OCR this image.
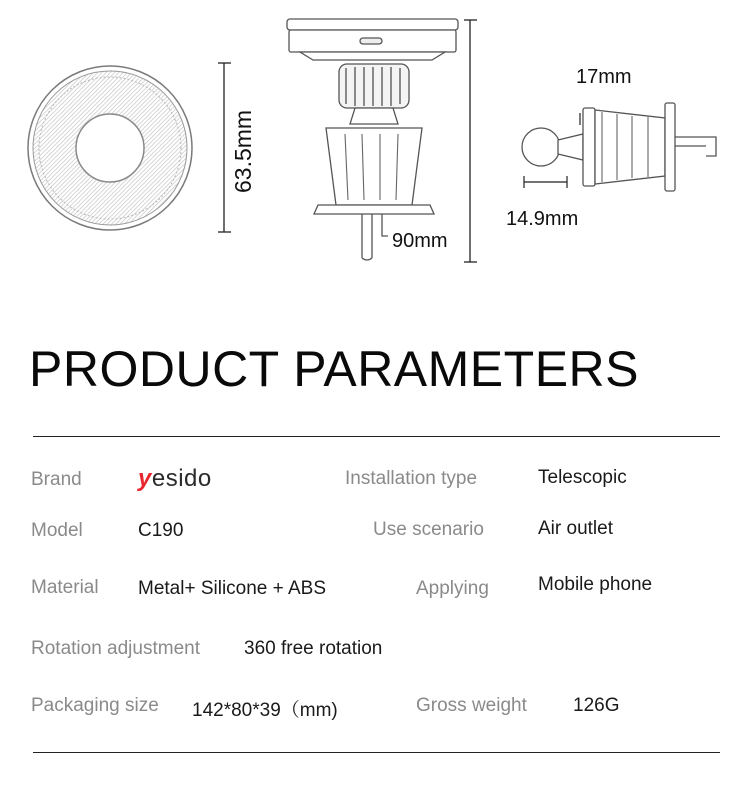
63.5mm
90mm
17mm
14.9mm
PRODUCT PARAMETERS
Brand yesido	Installation type	Telescopic
Model	C190	Use scenario	Air outlet
Material Metal+ Silicone + ABS	Applying	Mobile phone
Rotation adjustment 360 free rotation
Packaging size 142*80*39（mm)	Gross weight 126G
